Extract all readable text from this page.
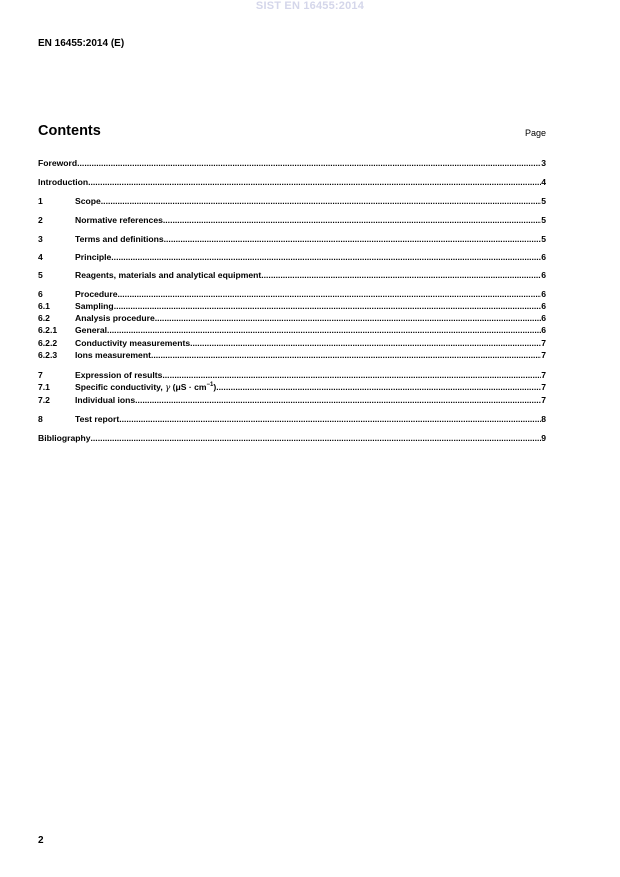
SIST EN 16455:2014
EN 16455:2014 (E)
Contents	Page
Foreword .....	3
Introduction .....	4
1	Scope .....	5
2	Normative references .....	5
3	Terms and definitions .....	5
4	Principle .....	6
5	Reagents, materials and analytical equipment .....	6
6	Procedure .....	6
6.1	Sampling .....	6
6.2	Analysis procedure .....	6
6.2.1	General .....	6
6.2.2	Conductivity measurements .....	7
6.2.3	Ions measurement .....	7
7	Expression of results .....	7
7.1	Specific conductivity, γ $(\mu S \cdot cm^{-1})$ .....	7
7.2	Individual ions .....	7
8	Test report .....	8
Bibliography .....	9
2
